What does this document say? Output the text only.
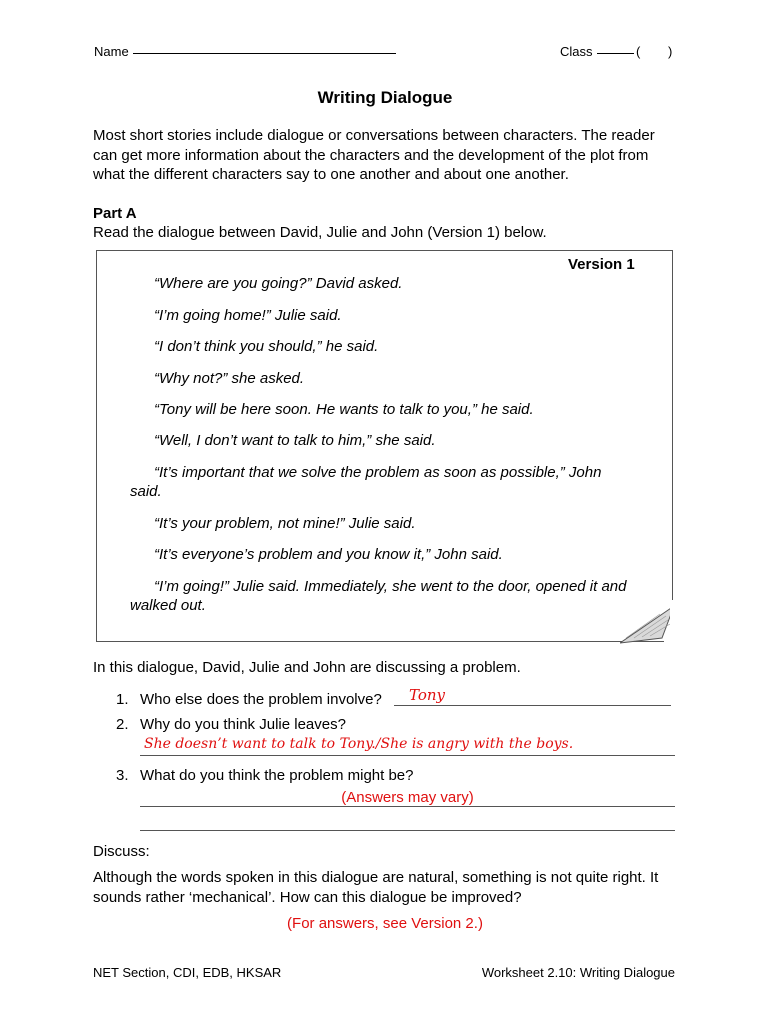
Name	Class	( )
Writing Dialogue
Most short stories include dialogue or conversations between characters. The reader can get more information about the characters and the development of the plot from what the different characters say to one another and about one another.
Part A
Read the dialogue between David, Julie and John (Version 1) below.
Version 1
“Where are you going?” David asked.
“I’m going home!” Julie said.
“I don’t think you should,” he said.
“Why not?” she asked.
“Tony will be here soon. He wants to talk to you,” he said.
“Well, I don’t want to talk to him,” she said.
“It’s important that we solve the problem as soon as possible,” John said.
“It’s your problem, not mine!” Julie said.
“It’s everyone’s problem and you know it,” John said.
“I’m going!” Julie said. Immediately, she went to the door, opened it and walked out.
In this dialogue, David, Julie and John are discussing a problem.
1. Who else does the problem involve? Tony
2. Why do you think Julie leaves?
She doesn’t want to talk to Tony./She is angry with the boys.
3. What do you think the problem might be?
(Answers may vary)
Discuss:
Although the words spoken in this dialogue are natural, something is not quite right. It sounds rather ‘mechanical’. How can this dialogue be improved?
(For answers, see Version 2.)
NET Section, CDI, EDB, HKSAR	Worksheet 2.10: Writing Dialogue
